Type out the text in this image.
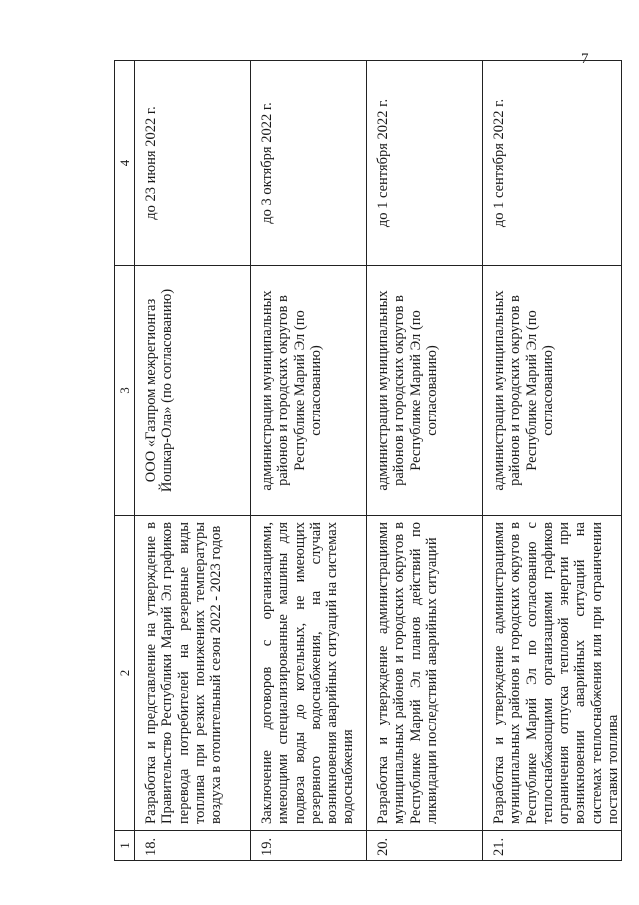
7
1	2	3	4
18.	Разработка и представление на утверждение в Правительство Республики Марий Эл графиков перевода потребителей на резервные виды топлива при резких понижениях температуры воздуха в отопительный сезон 2022 - 2023 годов	ООО «Газпром межрегионгаз Йошкар-Ола» (по согласованию)	до 23 июня 2022 г.
19.	Заключение договоров с организациями, имеющими специализированные машины для подвоза воды до котельных, не имеющих резервного водоснабжения, на случай возникновения аварийных ситуаций на системах водоснабжения	администрации муниципальных районов и городских округов в Республике Марий Эл (по согласованию)	до 3 октября 2022 г.
20.	Разработка и утверждение администрациями муниципальных районов и городских округов в Республике Марий Эл планов действий по ликвидации последствий аварийных ситуаций	администрации муниципальных районов и городских округов в Республике Марий Эл (по согласованию)	до 1 сентября 2022 г.
21.	Разработка и утверждение администрациями муниципальных районов и городских округов в Республике Марий Эл по согласованию с теплоснабжающими организациями графиков ограничения отпуска тепловой энергии при возникновении аварийных ситуаций на системах теплоснабжения или при ограничении поставки топлива	администрации муниципальных районов и городских округов в Республике Марий Эл (по согласованию)	до 1 сентября 2022 г.
